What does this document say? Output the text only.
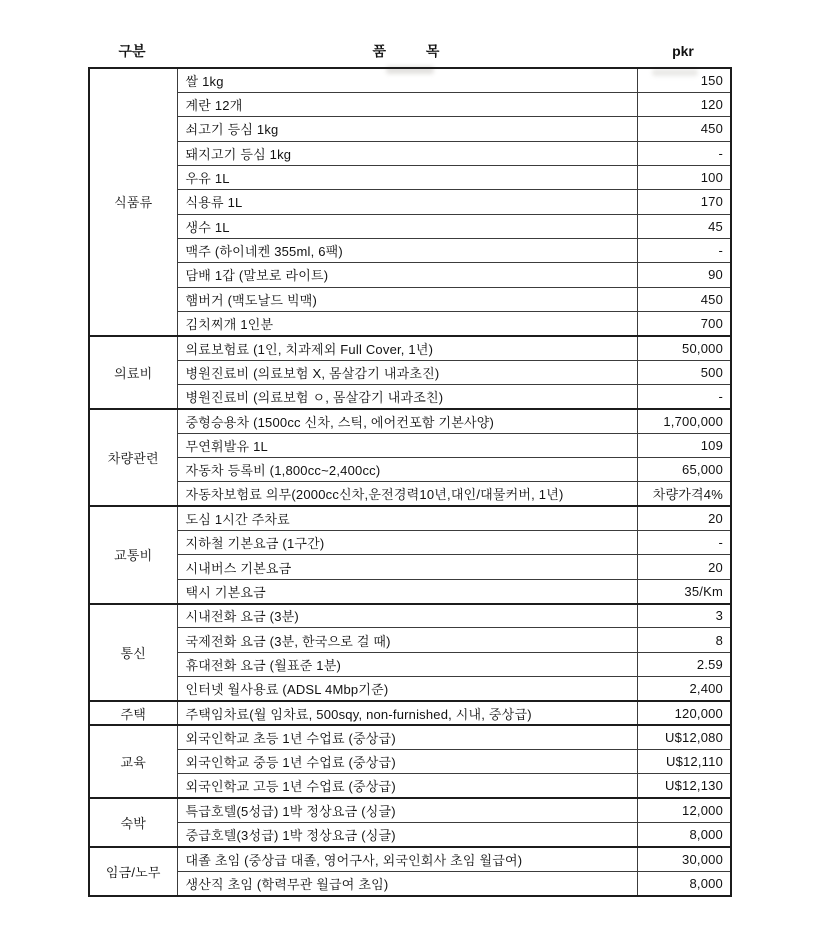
구분	품 목	pkr
식품류	쌀 1kg	150
	계란 12개	120
	쇠고기 등심 1kg	450
	돼지고기 등심 1kg	-
	우유 1L	100
	식용류 1L	170
	생수 1L	45
	맥주 (하이네켄 355ml, 6팩)	-
	담배 1갑 (말보로 라이트)	90
	햄버거 (맥도날드 빅맥)	450
	김치찌개 1인분	700
의료비	의료보험료 (1인, 치과제외 Full Cover, 1년)	50,000
	병원진료비 (의료보험 X, 몸살감기 내과초진)	500
	병원진료비 (의료보험 ㅇ, 몸살감기 내과조친)	-
차량관련	중형승용차 (1500cc 신차, 스틱, 에어컨포함 기본사양)	1,700,000
	무연휘발유 1L	109
	자동차 등록비 (1,800cc~2,400cc)	65,000
	자동차보험료 의무(2000cc신차,운전경력10년,대인/대물커버, 1년)	차량가격4%
교통비	도심 1시간 주차료	20
	지하철 기본요금 (1구간)	-
	시내버스 기본요금	20
	택시 기본요금	35/Km
통신	시내전화 요금 (3분)	3
	국제전화 요금 (3분, 한국으로 걸 때)	8
	휴대전화 요금 (월표준 1분)	2.59
	인터넷 월사용료 (ADSL 4Mbp기준)	2,400
주택	주택임차료(월 임차료, 500sqy, non-furnished, 시내, 중상급)	120,000
교육	외국인학교 초등 1년 수업료 (중상급)	U$12,080
	외국인학교 중등 1년 수업료 (중상급)	U$12,110
	외국인학교 고등 1년 수업료 (중상급)	U$12,130
숙박	특급호텔(5성급) 1박 정상요금 (싱글)	12,000
	중급호텔(3성급) 1박 정상요금 (싱글)	8,000
임금/노무	대졸 초임 (중상급 대졸, 영어구사, 외국인회사 초임 월급여)	30,000
	생산직 초임 (학력무관 월급여 초임)	8,000
